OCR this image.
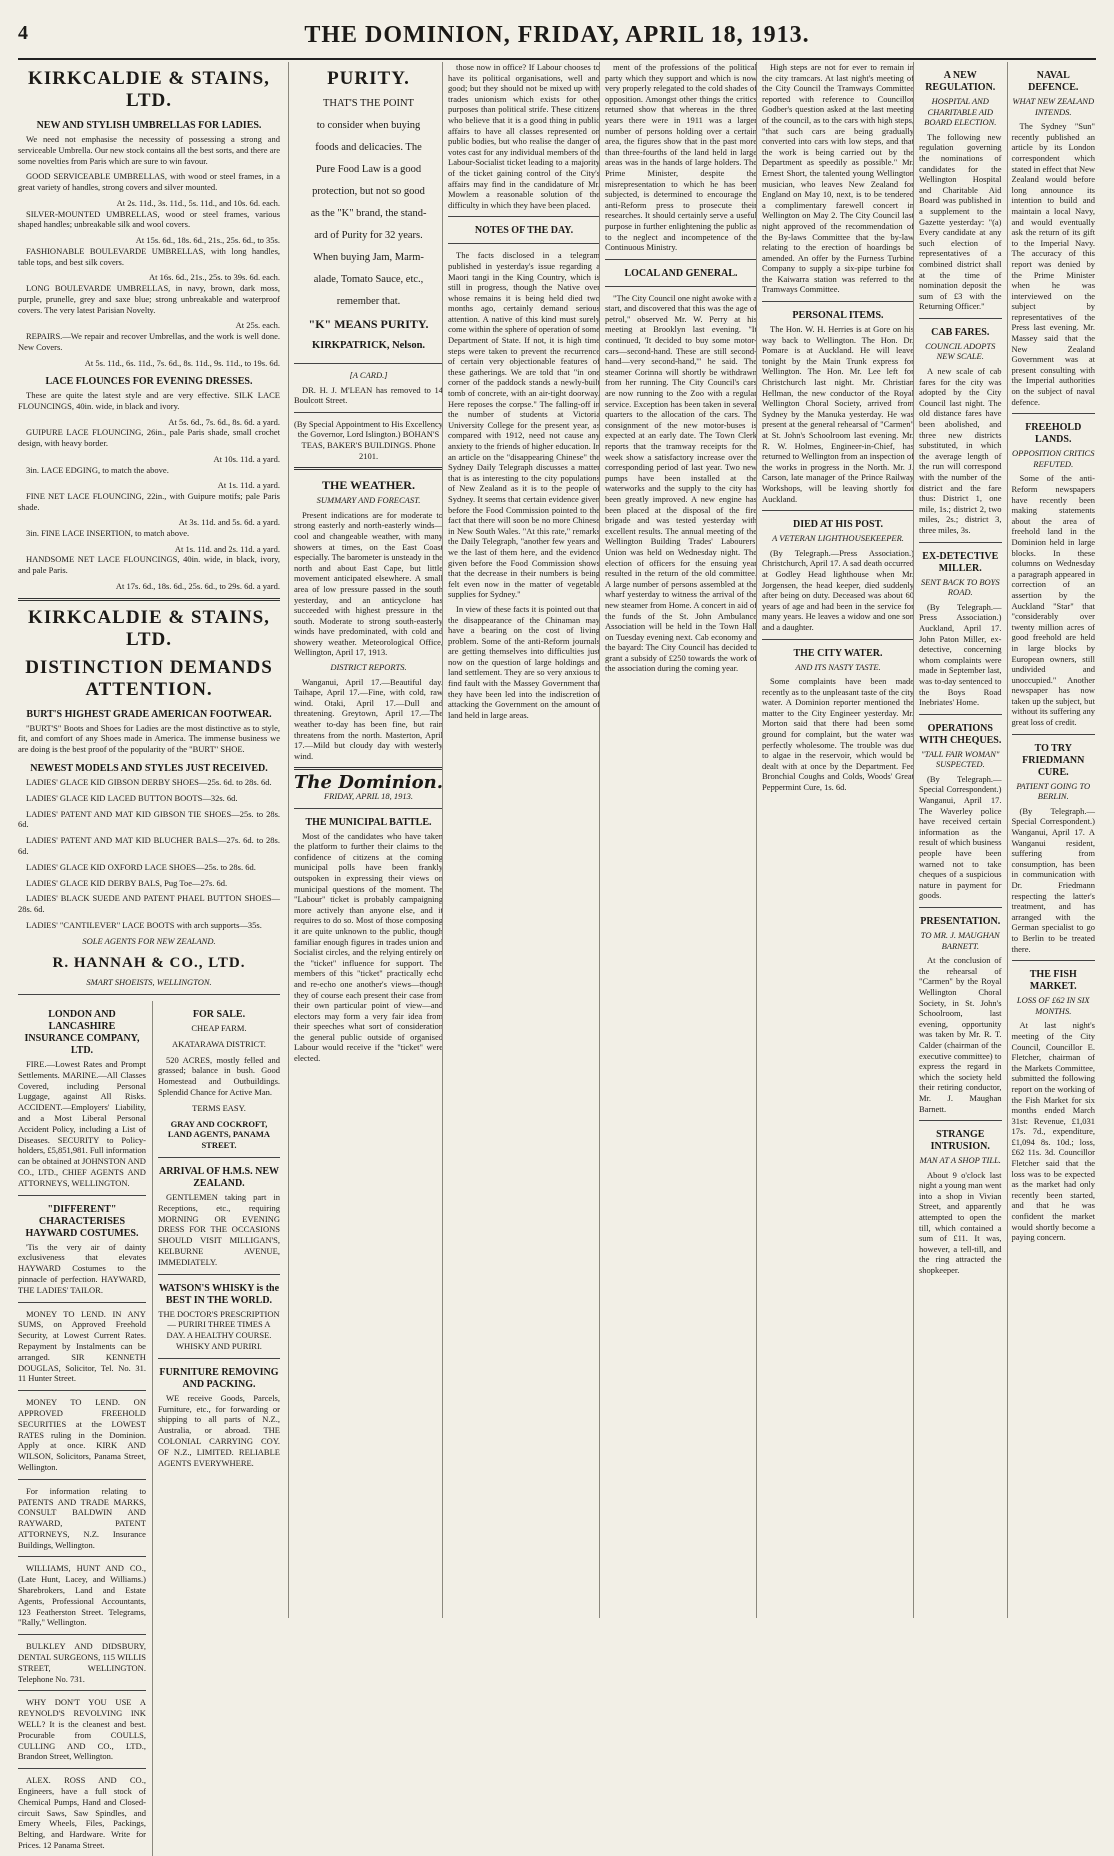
4	THE DOMINION, FRIDAY, APRIL 18, 1913.
KIRKCALDIE & STAINS, LTD.
NEW AND STYLISH UMBRELLAS FOR LADIES.

We need not emphasise the necessity of possessing a strong and serviceable Umbrella. Our new stock contains all the best sorts, and there are some novelties from Paris which are sure to win favour.

GOOD SERVICEABLE UMBRELLAS, with wood or steel frames, in a great variety of handles, strong covers and silver mounted.

At 2s. 11d., 3s. 11d., 5s. 11d., and 10s. 6d. each.

SILVER-MOUNTED UMBRELLAS, wood or steel frames, various shaped handles; unbreakable silk and wool covers.

At 15s. 6d., 18s. 6d., 21s., 25s. 6d., to 35s.

FASHIONABLE BOULEVARDE UMBRELLAS, with long handles, table tops, and best silk covers.

At 16s. 6d., 21s., 25s. to 39s. 6d. each.

LONG BOULEVARDE UMBRELLAS, in navy, brown, dark moss, purple, prunelle, grey and saxe blue; strong unbreakable and waterproof covers. The very latest Parisian Novelty.

At 25s. each.

REPAIRS.—We repair and recover Umbrellas, and the work is well done. New Covers.

At 5s. 11d., 6s. 11d., 7s. 6d., 8s. 11d., 9s. 11d., to 19s. 6d.
LACE FLOUNCES FOR EVENING DRESSES.

These are quite the latest style and are very effective. SILK LACE FLOUNCINGS, 40in. wide, in black and ivory.

At 5s. 6d., 7s. 6d., 8s. 6d. a yard.

GUIPURE LACE FLOUNCING, 26in., pale Paris shade, small crochet design, with heavy border.

At 10s. 11d. a yard.

3in. LACE EDGING, to match the above.

At 1s. 11d. a yard.

FINE NET LACE FLOUNCING, 22in., with Guipure motifs; pale Paris shade.

At 3s. 11d. and 5s. 6d. a yard.

3in. FINE LACE INSERTION, to match above.

At 1s. 11d. and 2s. 11d. a yard.

HANDSOME NET LACE FLOUNCINGS, 40in. wide, in black, ivory, and pale Paris.

At 17s. 6d., 18s. 6d., 25s. 6d., to 29s. 6d. a yard.
KIRKCALDIE & STAINS, LTD.
DISTINCTION DEMANDS ATTENTION.
BURT'S HIGHEST GRADE AMERICAN FOOTWEAR.

"BURT'S" Boots and Shoes for Ladies are the most distinctive as to style, fit, and comfort of any Shoes made in America. The immense business we are doing is the best proof of the popularity of the "BURT" SHOE.

NEWEST MODELS AND STYLES JUST RECEIVED.

LADIES' GLACE KID GIBSON DERBY SHOES—25s. 6d. to 28s. 6d.

LADIES' GLACE KID LACED BUTTON BOOTS—32s. 6d.

LADIES' PATENT AND MAT KID GIBSON TIE SHOES—25s. to 28s. 6d.

LADIES' PATENT AND MAT KID BLUCHER BALS—27s. 6d. to 28s. 6d.

LADIES' GLACE KID OXFORD LACE SHOES—25s. to 28s. 6d.

LADIES' GLACE KID DERBY BALS, Pug Toe—27s. 6d.

LADIES' BLACK SUEDE AND PATENT PHAEL BUTTON SHOES—28s. 6d.

LADIES' "CANTILEVER" LACE BOOTS with arch supports—35s.

SOLE AGENTS FOR NEW ZEALAND.
R. HANNAH & CO., LTD.
SMART SHOEISTS, WELLINGTON.
LONDON AND LANCASHIRE INSURANCE COMPANY, LTD.

FIRE.—Lowest Rates and Prompt Settlements. MARINE.—All Classes Covered, including Personal Luggage, against All Risks. ACCIDENT.—Employers' Liability, and a Most Liberal Personal Accident Policy, including a List of Diseases. SECURITY to Policy-holders, £5,851,981. Full information can be obtained at JOHNSTON AND CO., LTD., CHIEF AGENTS AND ATTORNEYS, WELLINGTON.

"DIFFERENT" CHARACTERISES HAYWARD COSTUMES.

'Tis the very air of dainty exclusiveness that elevates HAYWARD Costumes to the pinnacle of perfection. HAYWARD, THE LADIES' TAILOR.

MONEY TO LEND. IN ANY SUMS, on Approved Freehold Security, at Lowest Current Rates. Repayment by Instalments can be arranged. SIR KENNETH DOUGLAS, Solicitor, Tel. No. 31. 11 Hunter Street.

MONEY TO LEND. ON APPROVED FREEHOLD SECURITIES at the LOWEST RATES ruling in the Dominion. Apply at once. KIRK AND WILSON, Solicitors, Panama Street, Wellington.

For information relating to PATENTS AND TRADE MARKS, CONSULT BALDWIN AND RAYWARD, PATENT ATTORNEYS, N.Z. Insurance Buildings, Wellington.

WILLIAMS, HUNT AND CO., (Late Hunt, Lacey, and Williams.) Sharebrokers, Land and Estate Agents, Professional Accountants, 123 Featherston Street. Telegrams, "Rally," Wellington.

BULKLEY AND DIDSBURY, DENTAL SURGEONS, 115 WILLIS STREET, WELLINGTON. Telephone No. 731.

WHY DON'T YOU USE A REYNOLD'S REVOLVING INK WELL? It is the cleanest and best. Procurable from COULLS, CULLING AND CO., LTD., Brandon Street, Wellington.

ALEX. ROSS AND CO., Engineers, have a full stock of Chemical Pumps, Hand and Closed-circuit Saws, Saw Spindles, and Emery Wheels, Files, Packings, Belting, and Hardware. Write for Prices. 12 Panama Street.

FOR SALE.

CHEAP FARM.

AKATARAWA DISTRICT.

520 ACRES, mostly felled and grassed; balance in bush. Good Homestead and Outbuildings. Splendid Chance for Active Man.

TERMS EASY.

GRAY AND COCKROFT, LAND AGENTS, PANAMA STREET.

ARRIVAL OF H.M.S. NEW ZEALAND.

GENTLEMEN taking part in Receptions, etc., requiring MORNING OR EVENING DRESS FOR THE OCCASIONS SHOULD VISIT MILLIGAN'S, KELBURNE AVENUE, IMMEDIATELY.

WATSON'S WHISKY is the BEST IN THE WORLD.

THE DOCTOR'S PRESCRIPTION— PURIRI THREE TIMES A DAY. A HEALTHY COURSE. WHISKY AND PURIRI.

FURNITURE REMOVING AND PACKING.

WE receive Goods, Parcels, Furniture, etc., for forwarding or shipping to all parts of N.Z., Australia, or abroad. THE COLONIAL CARRYING COY. OF N.Z., LIMITED. RELIABLE AGENTS EVERYWHERE.

PURITY.
THAT'S THE POINT
to consider when buying
foods and delicacies. The
Pure Food Law is a good
protection, but not so good
as the "K" brand, the stand-
ard of Purity for 32 years.
When buying Jam, Marm-
alade, Tomato Sauce, etc.,
remember that.
"K" MEANS PURITY.
KIRKPATRICK, Nelson.
[A CARD.]

DR. H. J. M'LEAN has removed to 14 Boulcott Street.

(By Special Appointment to His Excellency the Governor, Lord Islington.) BOHAN'S TEAS, BAKER'S BUILDINGS. Phone 2101.

THE WEATHER.
SUMMARY AND FORECAST.

Present indications are for moderate to strong easterly and north-easterly winds—cool and changeable weather, with many showers at times, on the East Coast especially. The barometer is unsteady in the north and about East Cape, but little movement anticipated elsewhere. A small area of low pressure passed in the south yesterday, and an anticyclone has succeeded with highest pressure in the south. Moderate to strong south-easterly winds have predominated, with cold and showery weather. Meteorological Office, Wellington, April 17, 1913.

DISTRICT REPORTS.

Wanganui, April 17.—Beautiful day. Taihape, April 17.—Fine, with cold, raw wind. Otaki, April 17.—Dull and threatening. Greytown, April 17.—The weather to-day has been fine, but rain threatens from the north. Masterton, April 17.—Mild but cloudy day with westerly wind.

The Dominion.
FRIDAY, APRIL 18, 1913.
THE MUNICIPAL BATTLE.

Most of the candidates who have taken the platform to further their claims to the confidence of citizens at the coming municipal polls have been frankly outspoken in expressing their views on municipal questions of the moment. The "Labour" ticket is probably campaigning more actively than anyone else, and it requires to do so. Most of those composing it are quite unknown to the public, though familiar enough figures in trades union and Socialist circles, and the relying entirely on the "ticket" influence for support. The members of this "ticket" practically echo and re-echo one another's views—though they of course each present their case from their own particular point of view—and electors may form a very fair idea from their speeches what sort of consideration the general public outside of organised Labour would receive if the "ticket" were elected.

those now in office? If Labour chooses to have its political organisations, well and good; but they should not be mixed up with trades unionism which exists for other purposes than political strife. These citizens who believe that it is a good thing in public affairs to have all classes represented on public bodies, but who realise the danger of votes cast for any individual members of the Labour-Socialist ticket leading to a majority of the ticket gaining control of the City's affairs may find in the candidature of Mr. Mowlem a reasonable solution of the difficulty in which they have been placed.

NOTES OF THE DAY.

The facts disclosed in a telegram published in yesterday's issue regarding a Maori tangi in the King Country, which is still in progress, though the Native over whose remains it is being held died two months ago, certainly demand serious attention. A native of this kind must surely come within the sphere of operation of some Department of State. If not, it is high time steps were taken to prevent the recurrence of certain very objectionable features of these gatherings. We are told that "in one corner of the paddock stands a newly-built tomb of concrete, with an air-tight doorway. Here reposes the corpse." The falling-off in the number of students at Victoria University College for the present year, as compared with 1912, need not cause any anxiety to the friends of higher education. In an article on the "disappearing Chinese" the Sydney Daily Telegraph discusses a matter that is as interesting to the city populations of New Zealand as it is to the people of Sydney. It seems that certain evidence given before the Food Commission pointed to the fact that there will soon be no more Chinese in New South Wales. "At this rate," remarks the Daily Telegraph, "another few years and we the last of them here, and the evidence given before the Food Commission shows that the decrease in their numbers is being felt even now in the matter of vegetable supplies for Sydney."

In view of these facts it is pointed out that the disappearance of the Chinaman may have a bearing on the cost of living problem. Some of the anti-Reform journals are getting themselves into difficulties just now on the question of large holdings and land settlement. They are so very anxious to find fault with the Massey Government that they have been led into the indiscretion of attacking the Government on the amount of land held in large areas.

ment of the professions of the political party which they support and which is now very properly relegated to the cold shades of opposition. Amongst other things the critics returned show that whereas in the three years there were in 1911 was a larger number of persons holding over a certain area, the figures show that in the past more than three-fourths of the land held in large areas was in the hands of large holders. The Prime Minister, despite the misrepresentation to which he has been subjected, is determined to encourage the anti-Reform press to prosecute their researches. It should certainly serve a useful purpose in further enlightening the public as to the neglect and incompetence of the Continuous Ministry.

LOCAL AND GENERAL.

"The City Council one night awoke with a start, and discovered that this was the age of petrol," observed Mr. W. Perry at his meeting at Brooklyn last evening. "It continued, 'It decided to buy some motor-cars—second-hand. These are still second-hand—very second-hand,'" he said. The steamer Corinna will shortly be withdrawn from her running. The City Council's cars are now running to the Zoo with a regular service. Exception has been taken in several quarters to the allocation of the cars. The consignment of the new motor-buses is expected at an early date. The Town Clerk reports that the tramway receipts for the week show a satisfactory increase over the corresponding period of last year. Two new pumps have been installed at the waterworks and the supply to the city has been greatly improved. A new engine has been placed at the disposal of the fire brigade and was tested yesterday with excellent results. The annual meeting of the Wellington Building Trades' Labourers' Union was held on Wednesday night. The election of officers for the ensuing year resulted in the return of the old committee. A large number of persons assembled at the wharf yesterday to witness the arrival of the new steamer from Home. A concert in aid of the funds of the St. John Ambulance Association will be held in the Town Hall on Tuesday evening next. Cab economy and the bayard: The City Council has decided to grant a subsidy of £250 towards the work of the association during the coming year.

High steps are not for ever to remain in the city tramcars. At last night's meeting of the City Council the Tramways Committee reported with reference to Councillor Godber's question asked at the last meeting of the council, as to the cars with high steps, "that such cars are being gradually converted into cars with low steps, and that the work is being carried out by the Department as speedily as possible." Mr. Ernest Short, the talented young Wellington musician, who leaves New Zealand for England on May 10, next, is to be tendered a complimentary farewell concert in Wellington on May 2. The City Council last night approved of the recommendation of the By-laws Committee that the by-law relating to the erection of hoardings be amended. An offer by the Furness Turbine Company to supply a six-pipe turbine for the Kaiwarra station was referred to the Tramways Committee.

PERSONAL ITEMS.

The Hon. W. H. Herries is at Gore on his way back to Wellington. The Hon. Dr. Pomare is at Auckland. He will leave tonight by the Main Trunk express for Wellington. The Hon. Mr. Lee left for Christchurch last night. Mr. Christian Hellman, the new conductor of the Royal Wellington Choral Society, arrived from Sydney by the Manuka yesterday. He was present at the general rehearsal of "Carmen" at St. John's Schoolroom last evening. Mr. R. W. Holmes, Engineer-in-Chief, has returned to Wellington from an inspection of the works in progress in the North. Mr. J. Carson, late manager of the Prince Railway Workshops, will be leaving shortly for Auckland.

DIED AT HIS POST.
A VETERAN LIGHTHOUSEKEEPER.

(By Telegraph.—Press Association.) Christchurch, April 17. A sad death occurred at Godley Head lighthouse when Mr. Jorgensen, the head keeper, died suddenly after being on duty. Deceased was about 60 years of age and had been in the service for many years. He leaves a widow and one son and a daughter.

THE CITY WATER.
AND ITS NASTY TASTE.

Some complaints have been made recently as to the unpleasant taste of the city water. A Dominion reporter mentioned the matter to the City Engineer yesterday. Mr. Morton said that there had been some ground for complaint, but the water was perfectly wholesome. The trouble was due to algae in the reservoir, which would be dealt with at once by the Department. Fee Bronchial Coughs and Colds, Woods' Great Peppermint Cure, 1s. 6d.

A NEW REGULATION.
HOSPITAL AND CHARITABLE AID BOARD ELECTION.

The following new regulation governing the nominations of candidates for the Wellington Hospital and Charitable Aid Board was published in a supplement to the Gazette yesterday: "(a) Every candidate at any such election of representatives of a combined district shall at the time of nomination deposit the sum of £3 with the Returning Officer."

CAB FARES.
COUNCIL ADOPTS NEW SCALE.

A new scale of cab fares for the city was adopted by the City Council last night. The old distance fares have been abolished, and three new districts substituted, in which the average length of the run will correspond with the number of the district and the fare thus: District 1, one mile, 1s.; district 2, two miles, 2s.; district 3, three miles, 3s.

EX-DETECTIVE MILLER.
SENT BACK TO BOYS ROAD.

(By Telegraph.—Press Association.) Auckland, April 17. John Paton Miller, ex-detective, concerning whom complaints were made in September last, was to-day sentenced to the Boys Road Inebriates' Home.

OPERATIONS WITH CHEQUES.
"TALL FAIR WOMAN" SUSPECTED.

(By Telegraph.—Special Correspondent.) Wanganui, April 17. The Waverley police have received certain information as the result of which business people have been warned not to take cheques of a suspicious nature in payment for goods.

PRESENTATION.
TO MR. J. MAUGHAN BARNETT.

At the conclusion of the rehearsal of "Carmen" by the Royal Wellington Choral Society, in St. John's Schoolroom, last evening, opportunity was taken by Mr. R. T. Calder (chairman of the executive committee) to express the regard in which the society held their retiring conductor, Mr. J. Maughan Barnett.

STRANGE INTRUSION.
MAN AT A SHOP TILL.

About 9 o'clock last night a young man went into a shop in Vivian Street, and apparently attempted to open the till, which contained a sum of £11. It was, however, a tell-till, and the ring attracted the shopkeeper.

NAVAL DEFENCE.
WHAT NEW ZEALAND INTENDS.

The Sydney "Sun" recently published an article by its London correspondent which stated in effect that New Zealand would before long announce its intention to build and maintain a local Navy, and would eventually ask the return of its gift to the Imperial Navy. The accuracy of this report was denied by the Prime Minister when he was interviewed on the subject by representatives of the Press last evening. Mr. Massey said that the New Zealand Government was at present consulting with the Imperial authorities on the subject of naval defence.

FREEHOLD LANDS.
OPPOSITION CRITICS REFUTED.

Some of the anti-Reform newspapers have recently been making statements about the area of freehold land in the Dominion held in large blocks. In these columns on Wednesday a paragraph appeared in correction of an assertion by the Auckland "Star" that "considerably over twenty million acres of good freehold are held in large blocks by European owners, still undivided and unoccupied." Another newspaper has now taken up the subject, but without its suffering any great loss of credit.

TO TRY FRIEDMANN CURE.
PATIENT GOING TO BERLIN.

(By Telegraph.—Special Correspondent.) Wanganui, April 17. A Wanganui resident, suffering from consumption, has been in communication with Dr. Friedmann respecting the latter's treatment, and has arranged with the German specialist to go to Berlin to be treated there.

THE FISH MARKET.
LOSS OF £62 IN SIX MONTHS.

At last night's meeting of the City Council, Councillor E. Fletcher, chairman of the Markets Committee, submitted the following report on the working of the Fish Market for six months ended March 31st: Revenue, £1,031 17s. 7d., expenditure, £1,094 8s. 10d.; loss, £62 11s. 3d. Councillor Fletcher said that the loss was to be expected as the market had only recently been started, and that he was confident the market would shortly become a paying concern.
